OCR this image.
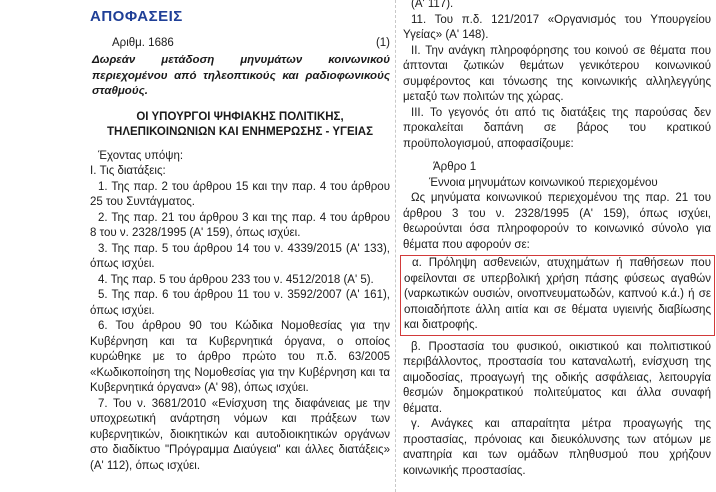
ΑΠΟΦΑΣΕΙΣ
Αριθμ. 1686	(1)

Δωρεάν μετάδοση μηνυμάτων κοινωνικού περιεχομένου από τηλεοπτικούς και ραδιοφωνικούς σταθμούς.

ΟΙ ΥΠΟΥΡΓΟΙ ΨΗΦΙΑΚΗΣ ΠΟΛΙΤΙΚΗΣ, ΤΗΛΕΠΙΚΟΙΝΩΝΙΩΝ ΚΑΙ ΕΝΗΜΕΡΩΣΗΣ - ΥΓΕΙΑΣ

Έχοντας υπόψη:

I. Τις διατάξεις:

1. Της παρ. 2 του άρθρου 15 και την παρ. 4 του άρθρου 25 του Συντάγματος.

2. Της παρ. 21 του άρθρου 3 και της παρ. 4 του άρθρου 8 του ν. 2328/1995 (Α' 159), όπως ισχύει.

3. Της παρ. 5 του άρθρου 14 του ν. 4339/2015 (Α' 133), όπως ισχύει.

4. Της παρ. 5 του άρθρου 233 του ν. 4512/2018 (Α' 5).

5. Της παρ. 6 του άρθρου 11 του ν. 3592/2007 (Α' 161), όπως ισχύει.

6. Του άρθρου 90 του Κώδικα Νομοθεσίας για την Κυβέρνηση και τα Κυβερνητικά όργανα, ο οποίος κυρώθηκε με το άρθρο πρώτο του π.δ. 63/2005 «Κωδικοποίηση της Νομοθεσίας για την Κυβέρνηση και τα Κυβερνητικά όργανα» (Α' 98), όπως ισχύει.

7. Του ν. 3681/2010 «Ενίσχυση της διαφάνειας με την υποχρεωτική ανάρτηση νόμων και πράξεων των κυβερνητικών, διοικητικών και αυτοδιοικητικών οργάνων στο διαδίκτυο "Πρόγραμμα Διαύγεια" και άλλες διατάξεις» (Α' 112), όπως ισχύει.

(Α' 117).

11. Του π.δ. 121/2017 «Οργανισμός του Υπουργείου Υγείας» (Α' 148).

II. Την ανάγκη πληροφόρησης του κοινού σε θέματα που άπτονται ζωτικών θεμάτων γενικότερου κοινωνικού συμφέροντος και τόνωσης της κοινωνικής αλληλεγγύης μεταξύ των πολιτών της χώρας.

III. Το γεγονός ότι από τις διατάξεις της παρούσας δεν προκαλείται δαπάνη σε βάρος του κρατικού προϋπολογισμού, αποφασίζουμε:

Άρθρο 1
Έννοια μηνυμάτων κοινωνικού περιεχομένου

Ως μηνύματα κοινωνικού περιεχομένου της παρ. 21 του άρθρου 3 του ν. 2328/1995 (Α' 159), όπως ισχύει, θεωρούνται όσα πληροφορούν το κοινωνικό σύνολο για θέματα που αφορούν σε:

α. Πρόληψη ασθενειών, ατυχημάτων ή παθήσεων που οφείλονται σε υπερβολική χρήση πάσης φύσεως αγαθών (ναρκωτικών ουσιών, οινοπνευματωδών, καπνού κ.ά.) ή σε οποιαδήποτε άλλη αιτία και σε θέματα υγιεινής διαβίωσης και διατροφής.

β. Προστασία του φυσικού, οικιστικού και πολιτιστικού περιβάλλοντος, προστασία του καταναλωτή, ενίσχυση της αιμοδοσίας, προαγωγή της οδικής ασφάλειας, λειτουργία θεσμών δημοκρατικού πολιτεύματος και άλλα συναφή θέματα.

γ. Ανάγκες και απαραίτητα μέτρα προαγωγής της προστασίας, πρόνοιας και διευκόλυνσης των ατόμων με αναπηρία και των ομάδων πληθυσμού που χρήζουν κοινωνικής προστασίας.
